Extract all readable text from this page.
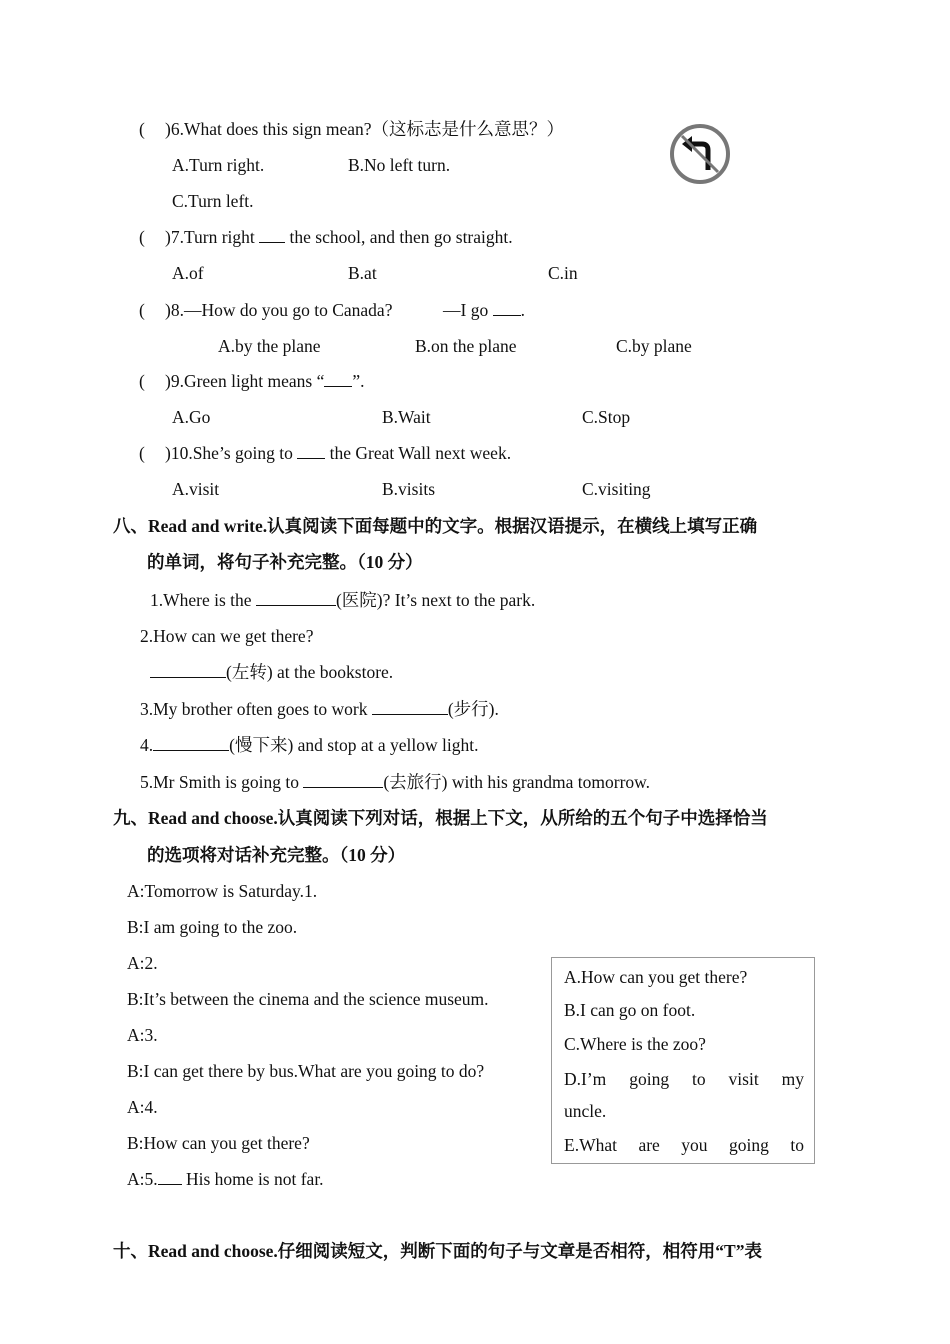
( )6.What does this sign mean?（这标志是什么意思？）
A.Turn right.	B.No left turn.
C.Turn left.
( )7.Turn right  the school, and then go straight.
A.of	B.at	C.in
( )8.—How do you go to Canada?	—I go .
A.by the plane	B.on the plane	C.by plane
( )9.Green light means “ ”.
A.Go	B.Wait	C.Stop
( )10.She’s going to  the Great Wall next week.
A.visit	B.visits	C.visiting
八、Read and write.认真阅读下面每题中的文字。根据汉语提示，在横线上填写正确
的单词，将句子补充完整。（10 分）
1.Where is the	(医院)? It’s next to the park.
2.How can we get there?
(左转) at the bookstore.
3.My brother often goes to work	(步行).
4.	(慢下来) and stop at a yellow light.
5.Mr Smith is going to	(去旅行) with his grandma tomorrow.
九、Read and choose.认真阅读下列对话，根据上下文，从所给的五个句子中选择恰当
的选项将对话补充完整。（10 分）
A:Tomorrow is Saturday.1.
B:I am going to the zoo.
A:2.
B:It’s between the cinema and the science museum.
A:3.
B:I can get there by bus.What are you going to do?
A:4.
B:How can you get there?
A:5. His home is not far.
A.How can you get there?
B.I can go on foot.
C.Where is the zoo?
D.I’m going to visit my
uncle.
E.What are you going to
十、Read and choose.仔细阅读短文，判断下面的句子与文章是否相符，相符用“T”表
